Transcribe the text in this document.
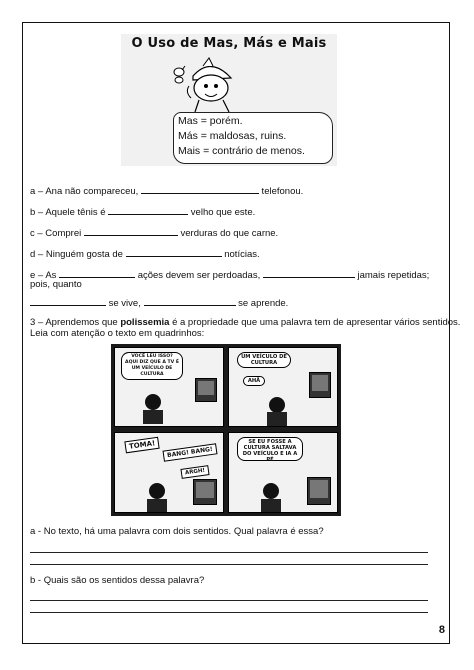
O Uso de Mas, Más e Mais
Mas = porém.
Más = maldosas, ruins.
Mais = contrário de menos.
a – Ana não compareceu,	telefonou.
b – Aquele tênis é	velho que este.
c – Comprei	verduras do que carne.
d – Ninguém gosta de	notícias.
e – As	ações devem ser perdoadas,	jamais repetidas;
pois, quanto
se vive,	se aprende.
3 – Aprendemos que polissemia é a propriedade que uma palavra tem de apresentar vários sentidos.
Leia com atenção o texto em quadrinhos:
VOCÊ LEU ISSO? AQUI DIZ QUE A TV É UM VEÍCULO DE CULTURA
UM VEÍCULO DE CULTURA
AHÃ
TOMA!
BANG! BANG!
ARGH!
SE EU FOSSE A CULTURA SALTAVA DO VEÍCULO E IA A PÉ
a - No texto, há uma palavra com dois sentidos. Qual palavra é essa?
b - Quais são os sentidos dessa palavra?
8
